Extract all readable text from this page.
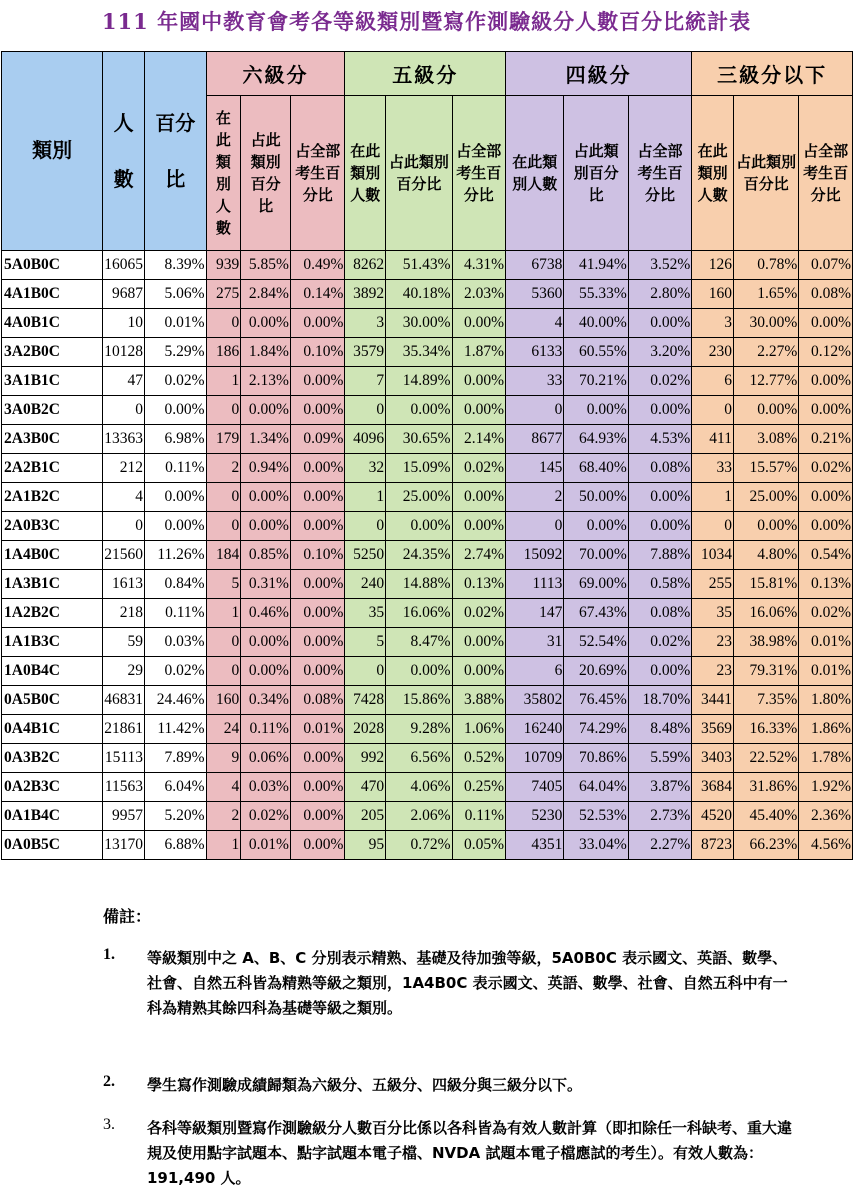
111 年國中教育會考各等級類別暨寫作測驗級分人數百分比統計表
類別	人數	百分比	六級分			五級分			四級分			三級分以下		
			在此類別人數	占此類別百分比	占全部考生百分比	在此類別人數	占此類別百分比	占全部考生百分比	在此類別人數	占此類別百分比	占全部考生百分比	在此類別人數	占此類別百分比	占全部考生百分比
5A0B0C	16065	8.39%	939	5.85%	0.49%	8262	51.43%	4.31%	6738	41.94%	3.52%	126	0.78%	0.07%
4A1B0C	9687	5.06%	275	2.84%	0.14%	3892	40.18%	2.03%	5360	55.33%	2.80%	160	1.65%	0.08%
4A0B1C	10	0.01%	0	0.00%	0.00%	3	30.00%	0.00%	4	40.00%	0.00%	3	30.00%	0.00%
3A2B0C	10128	5.29%	186	1.84%	0.10%	3579	35.34%	1.87%	6133	60.55%	3.20%	230	2.27%	0.12%
3A1B1C	47	0.02%	1	2.13%	0.00%	7	14.89%	0.00%	33	70.21%	0.02%	6	12.77%	0.00%
3A0B2C	0	0.00%	0	0.00%	0.00%	0	0.00%	0.00%	0	0.00%	0.00%	0	0.00%	0.00%
2A3B0C	13363	6.98%	179	1.34%	0.09%	4096	30.65%	2.14%	8677	64.93%	4.53%	411	3.08%	0.21%
2A2B1C	212	0.11%	2	0.94%	0.00%	32	15.09%	0.02%	145	68.40%	0.08%	33	15.57%	0.02%
2A1B2C	4	0.00%	0	0.00%	0.00%	1	25.00%	0.00%	2	50.00%	0.00%	1	25.00%	0.00%
2A0B3C	0	0.00%	0	0.00%	0.00%	0	0.00%	0.00%	0	0.00%	0.00%	0	0.00%	0.00%
1A4B0C	21560	11.26%	184	0.85%	0.10%	5250	24.35%	2.74%	15092	70.00%	7.88%	1034	4.80%	0.54%
1A3B1C	1613	0.84%	5	0.31%	0.00%	240	14.88%	0.13%	1113	69.00%	0.58%	255	15.81%	0.13%
1A2B2C	218	0.11%	1	0.46%	0.00%	35	16.06%	0.02%	147	67.43%	0.08%	35	16.06%	0.02%
1A1B3C	59	0.03%	0	0.00%	0.00%	5	8.47%	0.00%	31	52.54%	0.02%	23	38.98%	0.01%
1A0B4C	29	0.02%	0	0.00%	0.00%	0	0.00%	0.00%	6	20.69%	0.00%	23	79.31%	0.01%
0A5B0C	46831	24.46%	160	0.34%	0.08%	7428	15.86%	3.88%	35802	76.45%	18.70%	3441	7.35%	1.80%
0A4B1C	21861	11.42%	24	0.11%	0.01%	2028	9.28%	1.06%	16240	74.29%	8.48%	3569	16.33%	1.86%
0A3B2C	15113	7.89%	9	0.06%	0.00%	992	6.56%	0.52%	10709	70.86%	5.59%	3403	22.52%	1.78%
0A2B3C	11563	6.04%	4	0.03%	0.00%	470	4.06%	0.25%	7405	64.04%	3.87%	3684	31.86%	1.92%
0A1B4C	9957	5.20%	2	0.02%	0.00%	205	2.06%	0.11%	5230	52.53%	2.73%	4520	45.40%	2.36%
0A0B5C	13170	6.88%	1	0.01%	0.00%	95	0.72%	0.05%	4351	33.04%	2.27%	8723	66.23%	4.56%
備註：
1. 等級類別中之 A、B、C 分別表示精熟、基礎及待加強等級，5A0B0C 表示國文、英語、數學、社會、自然五科皆為精熟等級之類別，1A4B0C 表示國文、英語、數學、社會、自然五科中有一科為精熟其餘四科為基礎等級之類別。
2. 學生寫作測驗成績歸類為六級分、五級分、四級分與三級分以下。
3. 各科等級類別暨寫作測驗級分人數百分比係以各科皆為有效人數計算（即扣除任一科缺考、重大違規及使用點字試題本、點字試題本電子檔、NVDA 試題本電子檔應試的考生）。有效人數為：191,490 人。
